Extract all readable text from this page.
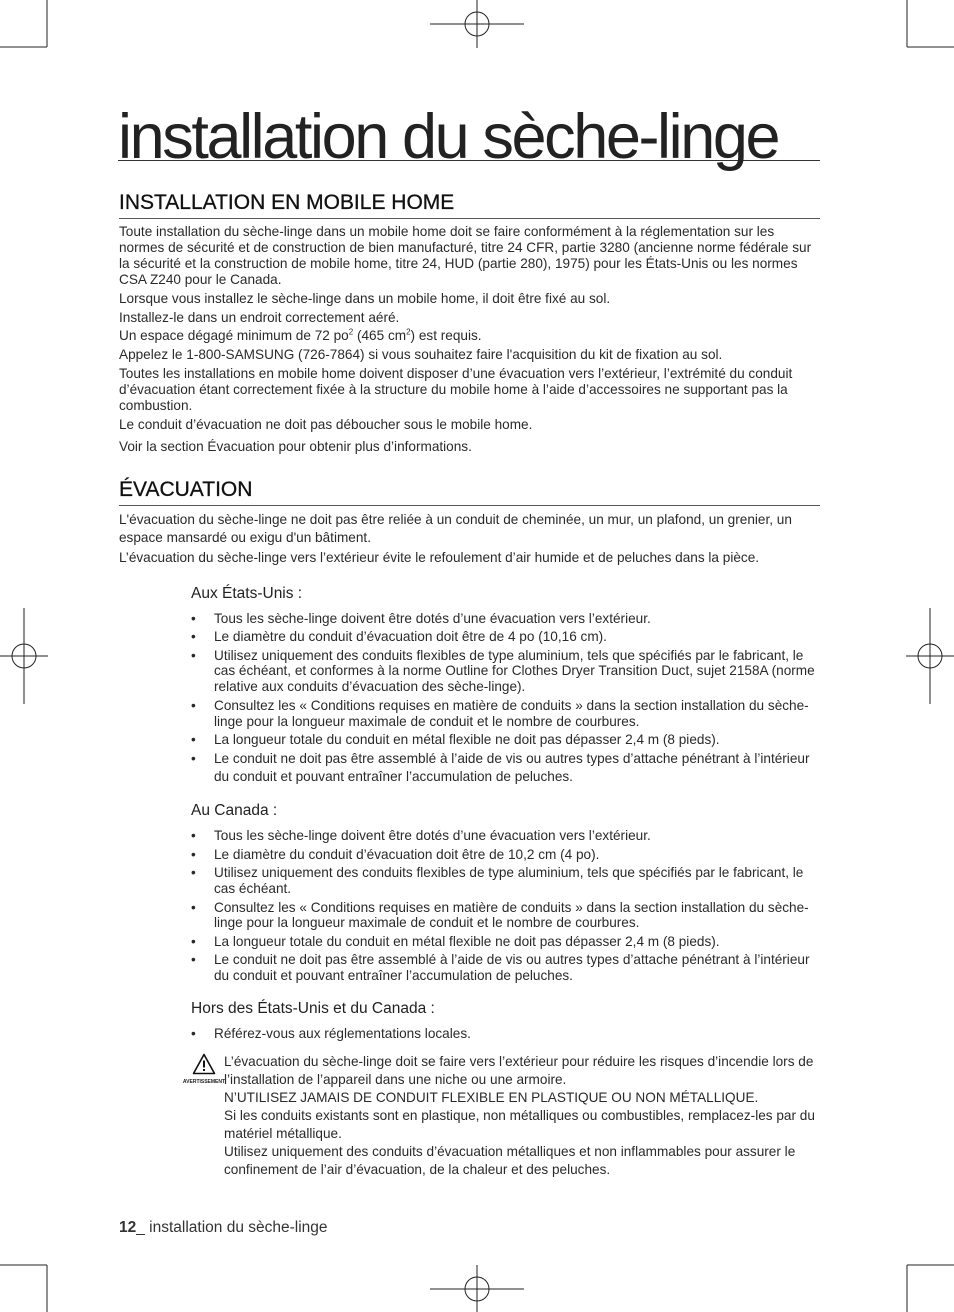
installation du sèche-linge
INSTALLATION EN MOBILE HOME

Toute installation du sèche-linge dans un mobile home doit se faire conformément à la réglementation sur les normes de sécurité et de construction de bien manufacturé, titre 24 CFR, partie 3280 (ancienne norme fédérale sur la sécurité et la construction de mobile home, titre 24, HUD (partie 280), 1975) pour les États-Unis ou les normes CSA Z240 pour le Canada.

Lorsque vous installez le sèche-linge dans un mobile home, il doit être fixé au sol.

Installez-le dans un endroit correctement aéré.

Un espace dégagé minimum de 72 $po^2$ (465 $cm^2$) est requis.

Appelez le 1-800-SAMSUNG (726-7864) si vous souhaitez faire l'acquisition du kit de fixation au sol.

Toutes les installations en mobile home doivent disposer d’une évacuation vers l’extérieur, l’extrémité du conduit d’évacuation étant correctement fixée à la structure du mobile home à l’aide d’accessoires ne supportant pas la combustion.

Le conduit d’évacuation ne doit pas déboucher sous le mobile home.

Voir la section Évacuation pour obtenir plus d’informations.

ÉVACUATION

L'évacuation du sèche-linge ne doit pas être reliée à un conduit de cheminée, un mur, un plafond, un grenier, un espace mansardé ou exigu d'un bâtiment.

L’évacuation du sèche-linge vers l’extérieur évite le refoulement d’air humide et de peluches dans la pièce.

Aux États-Unis :
• Tous les sèche-linge doivent être dotés d’une évacuation vers l’extérieur.
• Le diamètre du conduit d’évacuation doit être de 4 po (10,16 cm).
• Utilisez uniquement des conduits flexibles de type aluminium, tels que spécifiés par le fabricant, le cas échéant, et conformes à la norme Outline for Clothes Dryer Transition Duct, sujet 2158A (norme relative aux conduits d’évacuation des sèche-linge).
• Consultez les « Conditions requises en matière de conduits » dans la section installation du sèche-linge pour la longueur maximale de conduit et le nombre de courbures.
• La longueur totale du conduit en métal flexible ne doit pas dépasser 2,4 m (8 pieds).
• Le conduit ne doit pas être assemblé à l’aide de vis ou autres types d’attache pénétrant à l’intérieur du conduit et pouvant entraîner l’accumulation de peluches.
Au Canada :
• Tous les sèche-linge doivent être dotés d’une évacuation vers l’extérieur.
• Le diamètre du conduit d’évacuation doit être de 10,2 cm (4 po).
• Utilisez uniquement des conduits flexibles de type aluminium, tels que spécifiés par le fabricant, le cas échéant.
• Consultez les « Conditions requises en matière de conduits » dans la section installation du sèche-linge pour la longueur maximale de conduit et le nombre de courbures.
• La longueur totale du conduit en métal flexible ne doit pas dépasser 2,4 m (8 pieds).
• Le conduit ne doit pas être assemblé à l’aide de vis ou autres types d’attache pénétrant à l’intérieur du conduit et pouvant entraîner l’accumulation de peluches.
Hors des États-Unis et du Canada :
• Référez-vous aux réglementations locales.
AVERTISSEMENT

L’évacuation du sèche-linge doit se faire vers l’extérieur pour réduire les risques d’incendie lors de l’installation de l’appareil dans une niche ou une armoire.

N’UTILISEZ JAMAIS DE CONDUIT FLEXIBLE EN PLASTIQUE OU NON MÉTALLIQUE.

Si les conduits existants sont en plastique, non métalliques ou combustibles, remplacez-les par du matériel métallique.

Utilisez uniquement des conduits d’évacuation métalliques et non inflammables pour assurer le confinement de l’air d’évacuation, de la chaleur et des peluches.

12_ installation du sèche-linge
